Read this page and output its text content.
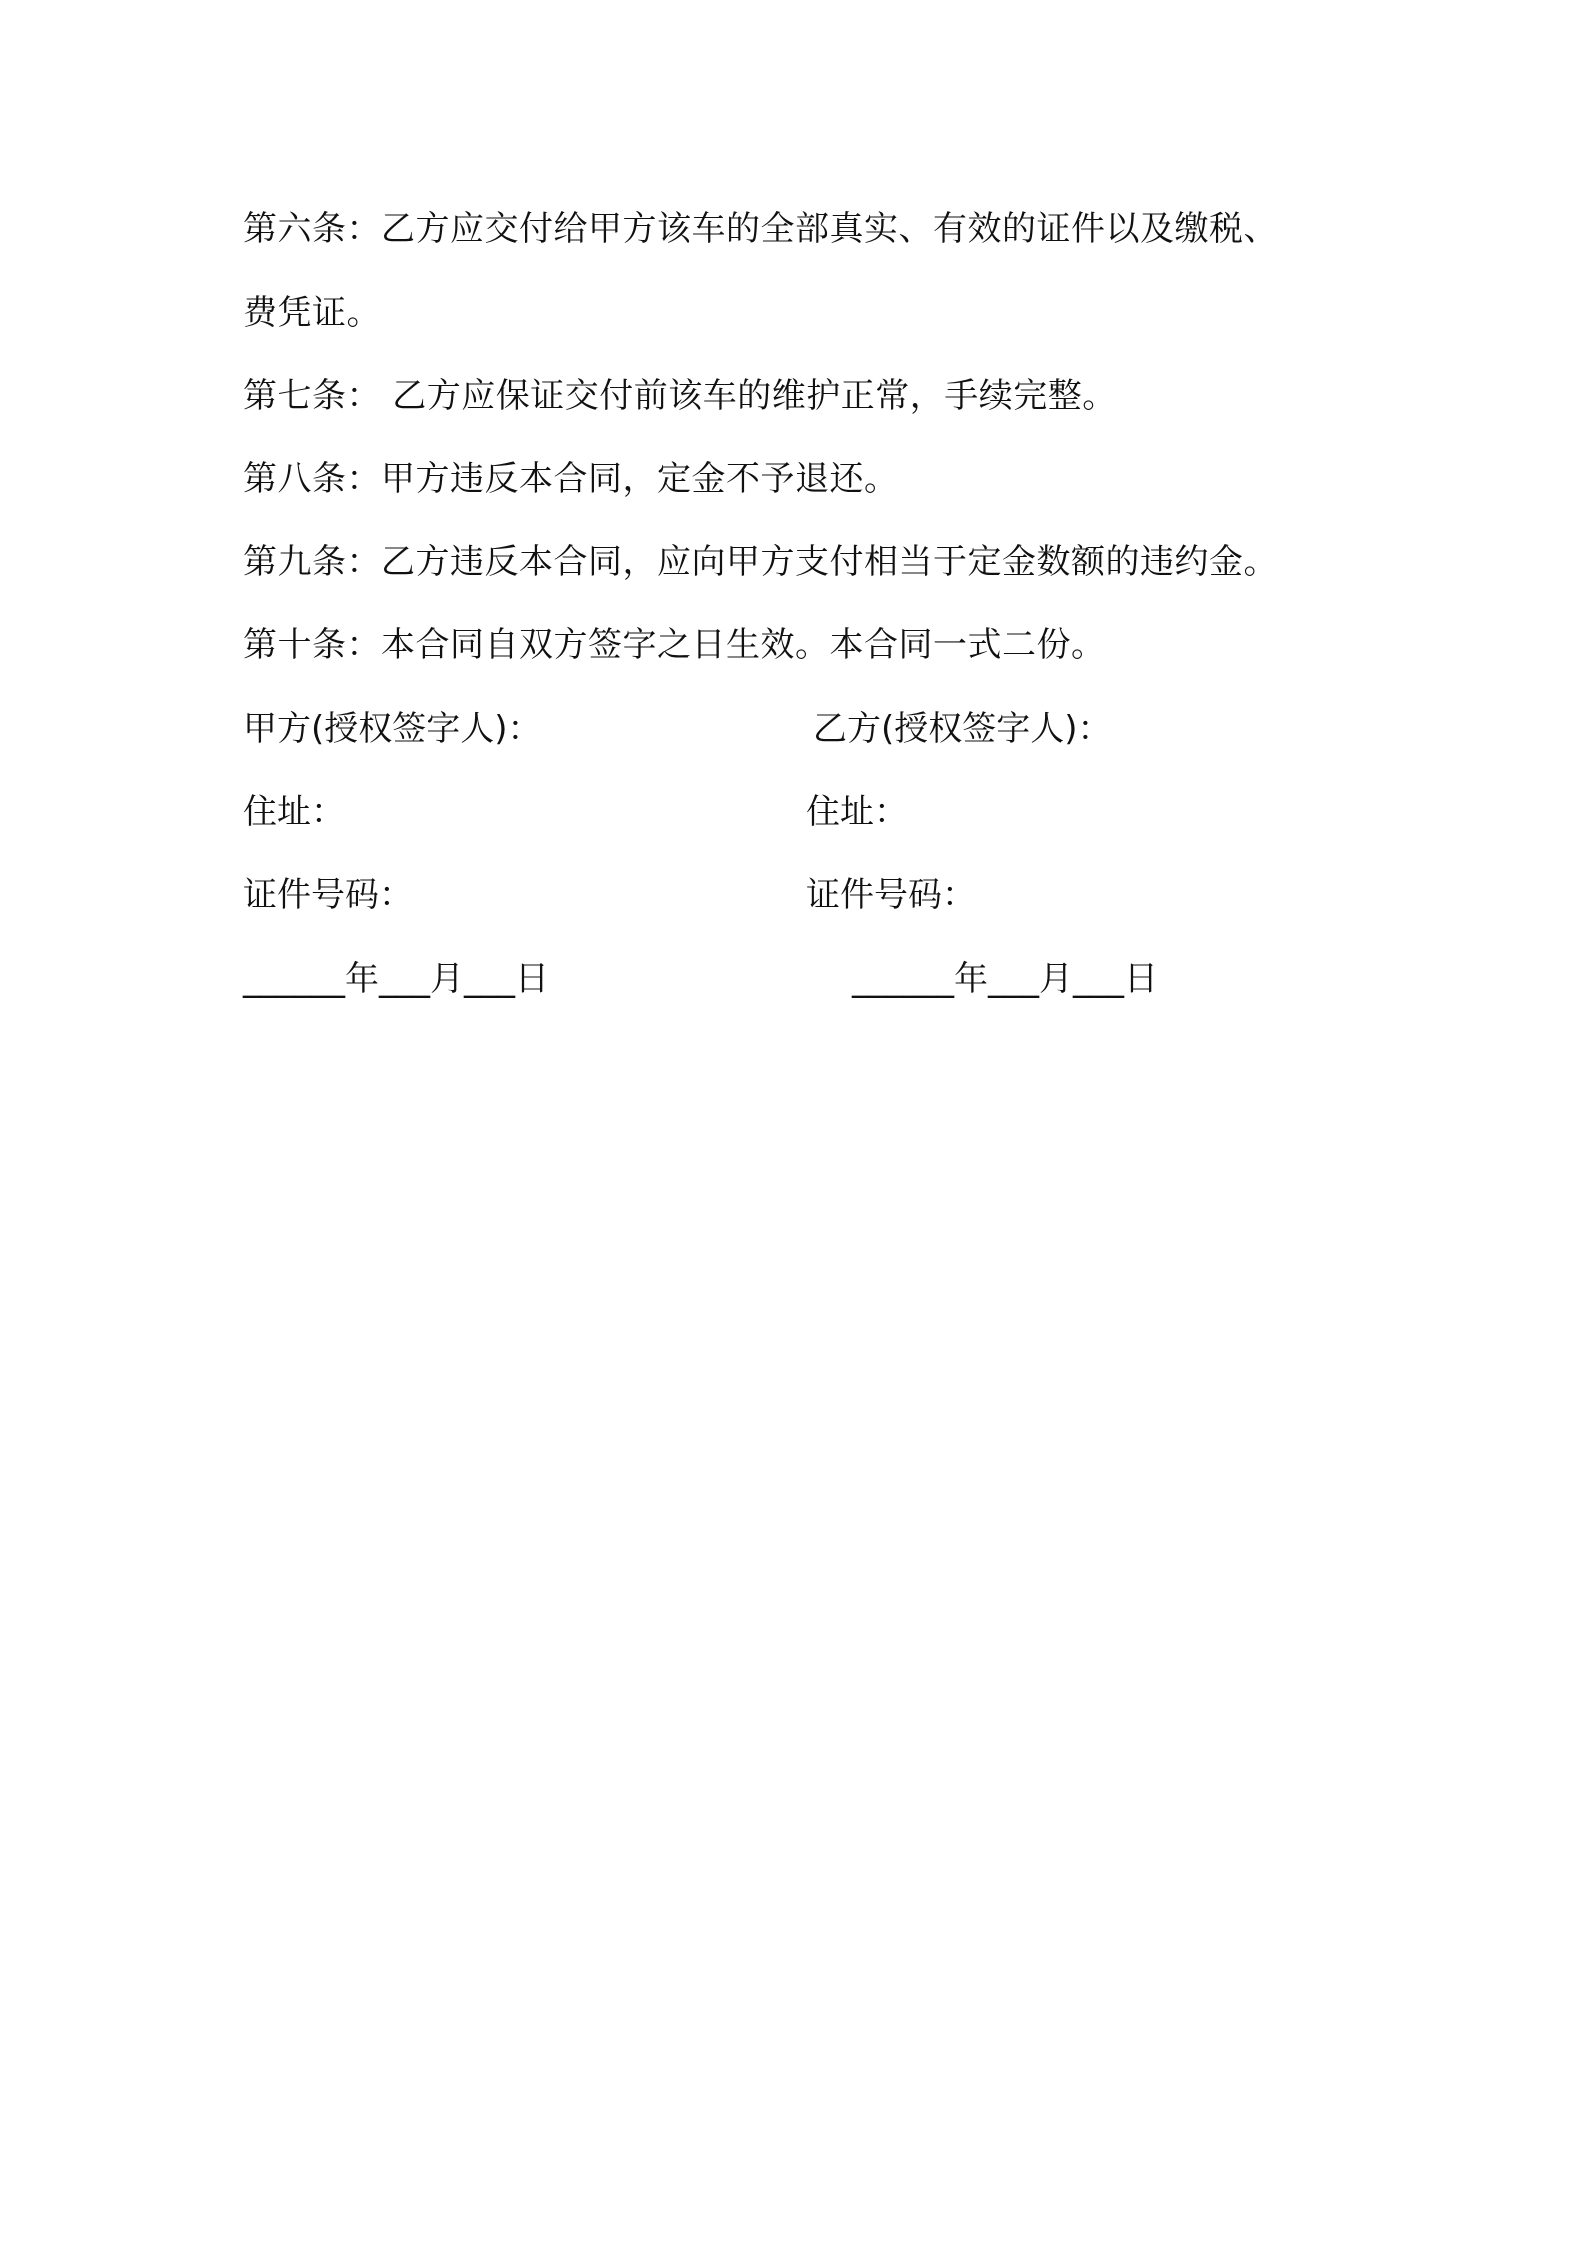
第六条：乙方应交付给甲方该车的全部真实、有效的证件以及缴税、
费凭证。
第七条： 乙方应保证交付前该车的维护正常，手续完整。
第八条：甲方违反本合同，定金不予退还。
第九条：乙方违反本合同，应向甲方支付相当于定金数额的违约金。
第十条：本合同自双方签字之日生效。本合同一式二份。
甲方(授权签字人)：	乙方(授权签字人)：
住址：	住址：
证件号码：	证件号码：
______年___月___日	______年___月___日
